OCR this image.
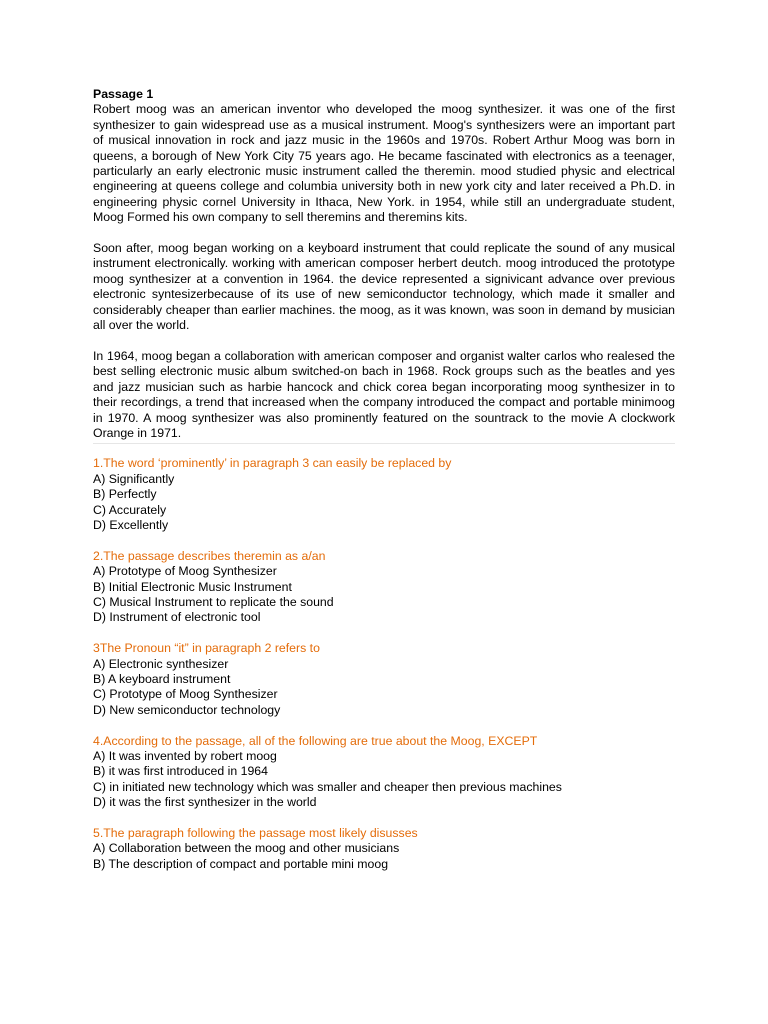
Passage 1

Robert moog was an american inventor who developed the moog synthesizer. it was one of the first synthesizer to gain widespread use as a musical instrument. Moog's synthesizers were an important part of musical innovation in rock and jazz music in the 1960s and 1970s. Robert Arthur Moog was born in queens, a borough of New York City 75 years ago. He became fascinated with electronics as a teenager, particularly an early electronic music instrument called the theremin. mood studied physic and electrical engineering at queens college and columbia university both in new york city and later received a Ph.D. in engineering physic cornel University in Ithaca, New York. in 1954, while still an undergraduate student, Moog Formed his own company to sell theremins and theremins kits.

Soon after, moog began working on a keyboard instrument that could replicate the sound of any musical instrument electronically. working with american composer herbert deutch. moog introduced the prototype moog synthesizer at a convention in 1964. the device represented a signivicant advance over previous electronic syntesizerbecause of its use of new semiconductor technology, which made it smaller and considerably cheaper than earlier machines. the moog, as it was known, was soon in demand by musician all over the world.

In 1964, moog began a collaboration with american composer and organist walter carlos who realesed the best selling electronic music album switched-on bach in 1968. Rock groups such as the beatles and yes and jazz musician such as harbie hancock and chick corea began incorporating moog synthesizer in to their recordings, a trend that increased when the company introduced the compact and portable minimoog in 1970. A moog synthesizer was also prominently featured on the sountrack to the movie A clockwork Orange in 1971.

1.The word ‘prominently’ in paragraph 3 can easily be replaced by

A) Significantly

B) Perfectly

C) Accurately

D) Excellently

2.The passage describes theremin as a/an

A) Prototype of Moog Synthesizer

B) Initial Electronic Music Instrument

C) Musical Instrument to replicate the sound

D) Instrument of electronic tool

3The Pronoun “it” in paragraph 2 refers to

A) Electronic synthesizer

B) A keyboard instrument

C) Prototype of Moog Synthesizer

D) New semiconductor technology

4.According to the passage, all of the following are true about the Moog, EXCEPT

A) It was invented by robert moog

B) it was first introduced in 1964

C) in initiated new technology which was smaller and cheaper then previous machines

D) it was the first synthesizer in the world

5.The paragraph following the passage most likely disusses

A) Collaboration between the moog and other musicians

B) The description of compact and portable mini moog
